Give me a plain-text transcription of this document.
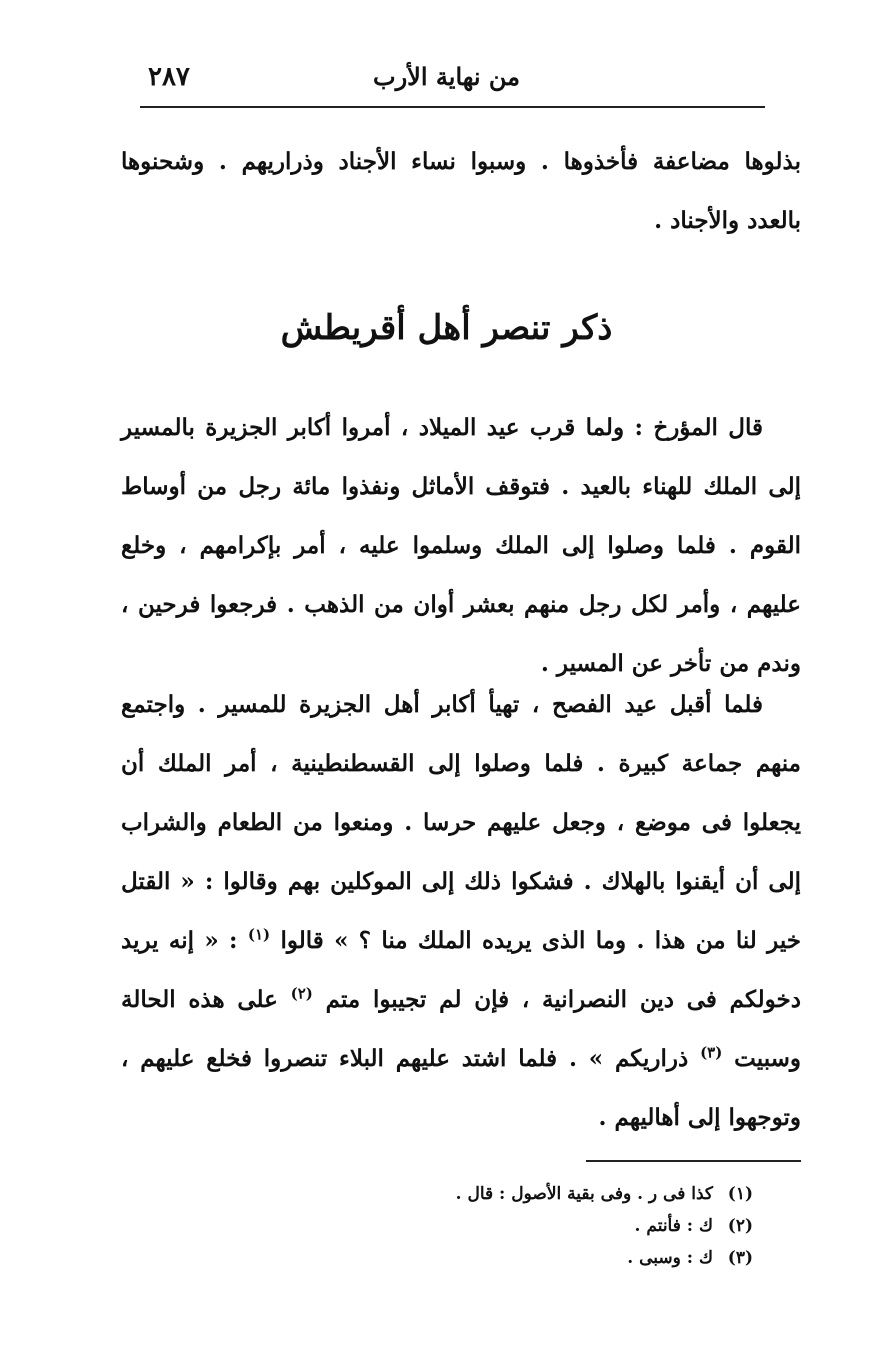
من نهاية الأرب
٢٨٧
بذلوها مضاعفة فأخذوها . وسبوا نساء الأجناد وذراريهم . وشحنوها بالعدد والأجناد .
ذكر تنصر أهل أقريطش
قال المؤرخ : ولما قرب عيد الميلاد ، أمروا أكابر الجزيرة بالمسير إلى الملك للهناء بالعيد . فتوقف الأماثل ونفذوا مائة رجل من أوساط القوم . فلما وصلوا إلى الملك وسلموا عليه ، أمر بإكرامهم ، وخلع عليهم ، وأمر لكل رجل منهم بعشر أوان من الذهب . فرجعوا فرحين ، وندم من تأخر عن المسير .
فلما أقبل عيد الفصح ، تهيأ أكابر أهل الجزيرة للمسير . واجتمع منهم جماعة كبيرة . فلما وصلوا إلى القسطنطينية ، أمر الملك أن يجعلوا فى موضع ، وجعل عليهم حرسا . ومنعوا من الطعام والشراب إلى أن أيقنوا بالهلاك . فشكوا ذلك إلى الموكلين بهم وقالوا : « القتل خير لنا من هذا . وما الذى يريده الملك منا ؟ » قالوا $^{(١)}$ : « إنه يريد دخولكم فى دين النصرانية ، فإن لم تجيبوا متم $^{(٢)}$ على هذه الحالة وسبيت $^{(٣)}$ ذراريكم » . فلما اشتد عليهم البلاء تنصروا فخلع عليهم ، وتوجهوا إلى أهاليهم .
(١)كذا فى ر . وفى بقية الأصول : قال .
(٢)ك : فأنتم .
(٣)ك : وسبى .
